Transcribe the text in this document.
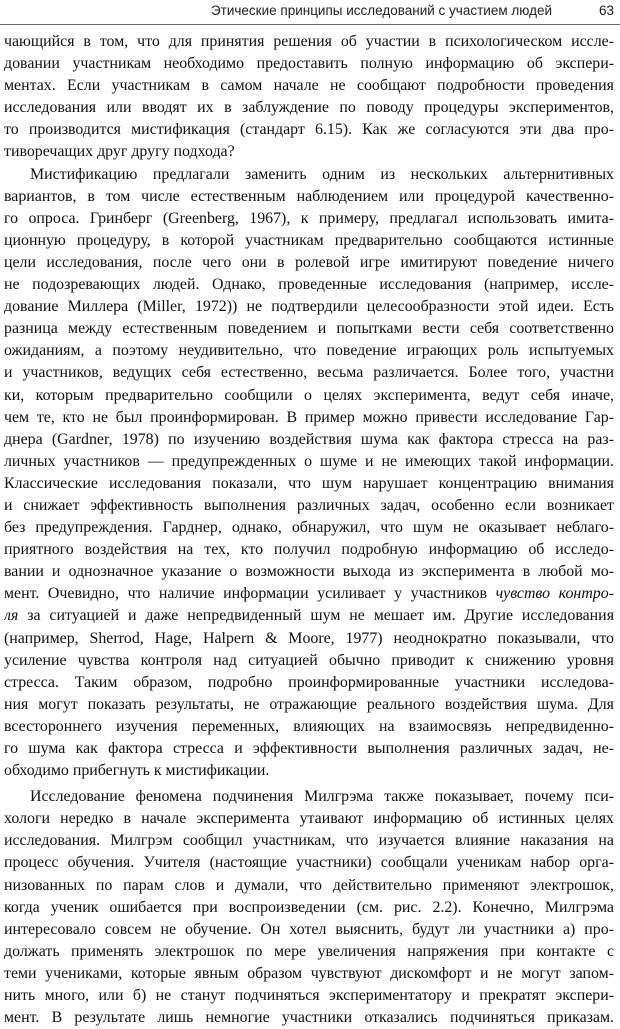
Этические принципы исследований с участием людей	63
чающийся в том, что для принятия решения об участии в психологическом иссле-
довании участникам необходимо предоставить полную информацию об экспери-
ментах. Если участникам в самом начале не сообщают подробности проведения
исследования или вводят их в заблуждение по поводу процедуры экспериментов,
то производится мистификация (стандарт 6.15). Как же согласуются эти два про-
тиворечащих друг другу подхода?
Мистификацию предлагали заменить одним из нескольких альтернитивных
вариантов, в том числе естественным наблюдением или процедурой качественно-
го опроса. Гринберг (Greenberg, 1967), к примеру, предлагал использовать имита-
ционную процедуру, в которой участникам предварительно сообщаются истинные
цели исследования, после чего они в ролевой игре имитируют поведение ничего
не подозревающих людей. Однако, проведенные исследования (например, иссле-
дование Миллера (Miller, 1972)) не подтвердили целесообразности этой идеи. Есть
разница между естественным поведением и попытками вести себя соответственно
ожиданиям, а поэтому неудивительно, что поведение играющих роль испытуемых
и участников, ведущих себя естественно, весьма различается. Более того, участни
ки, которым предварительно сообщили о целях эксперимента, ведут себя иначе,
чем те, кто не был проинформирован. В пример можно привести исследование Гар-
днера (Gardner, 1978) по изучению воздействия шума как фактора стресса на раз-
личных участников — предупрежденных о шуме и не имеющих такой информации.
Классические исследования показали, что шум нарушает концентрацию внимания
и снижает эффективность выполнения различных задач, особенно если возникает
без предупреждения. Гарднер, однако, обнаружил, что шум не оказывает неблаго-
приятного воздействия на тех, кто получил подробную информацию об исследо-
вании и однозначное указание о возможности выхода из эксперимента в любой мо-
мент. Очевидно, что наличие информации усиливает у участников чувство контро-
ля за ситуацией и даже непредвиденный шум не мешает им. Другие исследования
(например, Sherrod, Hage, Halpern & Moore, 1977) неоднократно показывали, что
усиление чувства контроля над ситуацией обычно приводит к снижению уровня
стресса. Таким образом, подробно проинформированные участники исследова-
ния могут показать результаты, не отражающие реального воздействия шума. Для
всестороннего изучения переменных, влияющих на взаимосвязь непредвиденно-
го шума как фактора стресса и эффективности выполнения различных задач, не-
обходимо прибегнуть к мистификации.
Исследование феномена подчинения Милгрэма также показывает, почему пси-
хологи нередко в начале эксперимента утаивают информацию об истинных целях
исследования. Милгрэм сообщил участникам, что изучается влияние наказания на
процесс обучения. Учителя (настоящие участники) сообщали ученикам набор орга-
низованных по парам слов и думали, что действительно применяют электрошок,
когда ученик ошибается при воспроизведении (см. рис. 2.2). Конечно, Милгрэма
интересовало совсем не обучение. Он хотел выяснить, будут ли участники а) про-
должать применять электрошок по мере увеличения напряжения при контакте с
теми учениками, которые явным образом чувствуют дискомфорт и не могут запом-
нить много, или б) не станут подчиняться экспериментатору и прекратят экспери-
мент. В результате лишь немногие участники отказались подчиняться приказам.
